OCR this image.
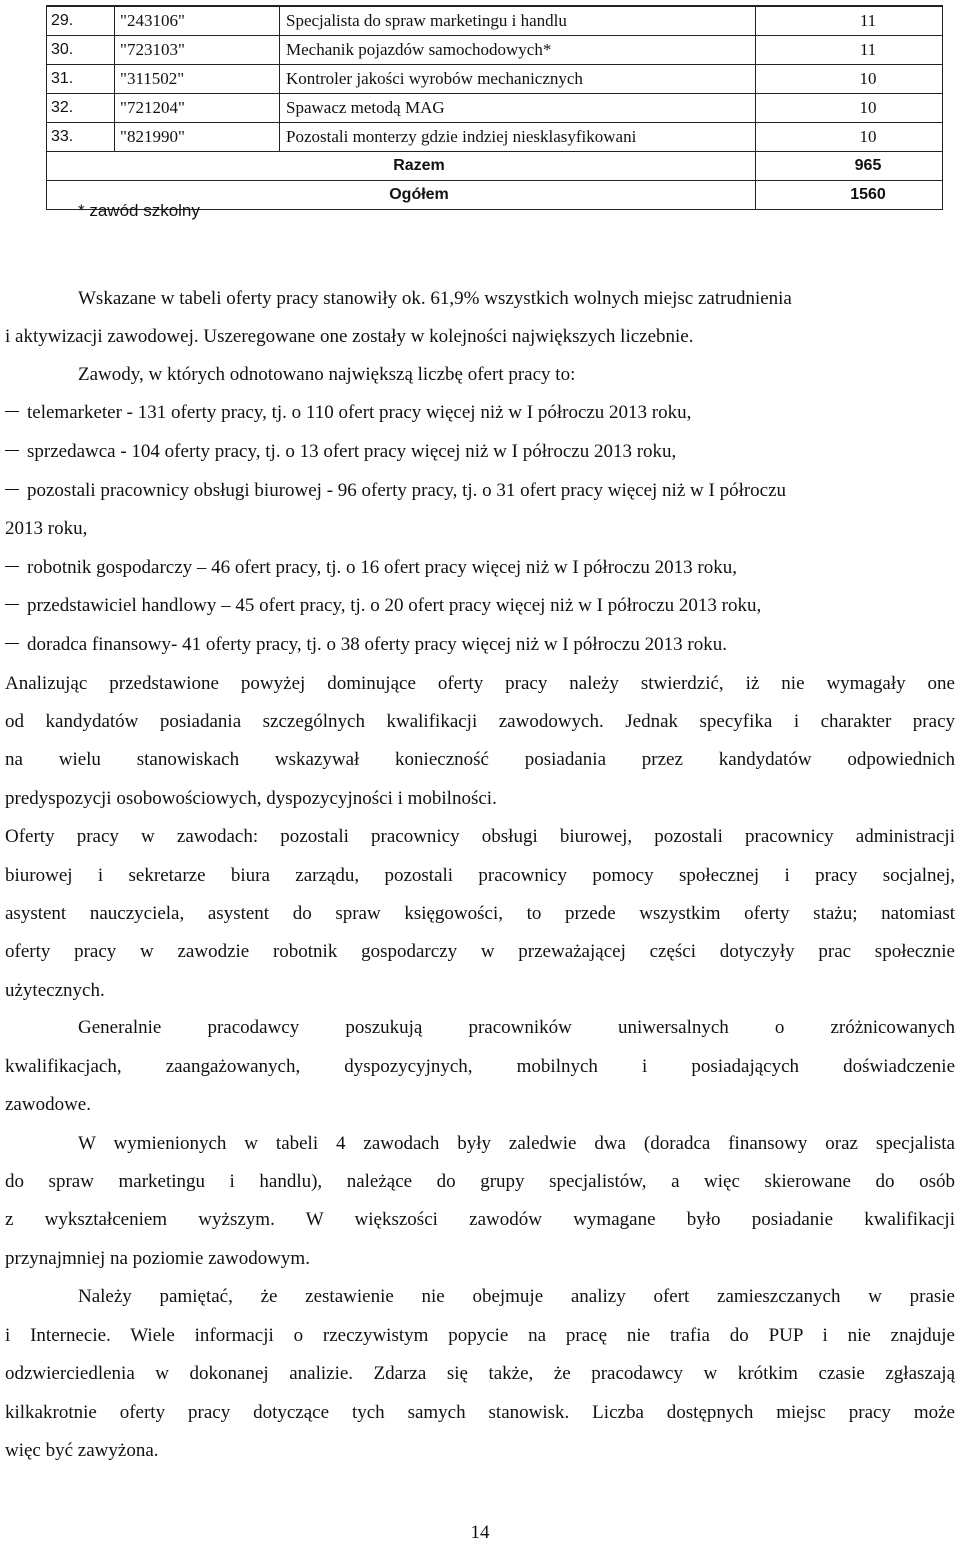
29.	"243106"	Specjalista do spraw marketingu i handlu	11
30.	"723103"	Mechanik pojazdów samochodowych*	11
31.	"311502"	Kontroler jakości wyrobów mechanicznych	10
32.	"721204"	Spawacz metodą MAG	10
33.	"821990"	Pozostali monterzy gdzie indziej niesklasyfikowani	10
Razem	965
Ogółem	1560
* zawód szkolny
Wskazane w tabeli oferty pracy stanowiły ok. 61,9% wszystkich wolnych miejsc zatrudnienia
i aktywizacji zawodowej. Uszeregowane one zostały w kolejności największych liczebnie.
Zawody, w których odnotowano największą liczbę ofert pracy to:
telemarketer - 131 oferty pracy, tj. o 110 ofert pracy więcej niż w I półroczu 2013 roku,
sprzedawca - 104 oferty pracy, tj. o 13 ofert pracy więcej niż w I półroczu 2013 roku,
pozostali pracownicy obsługi biurowej - 96 oferty pracy, tj. o 31 ofert pracy więcej niż w I półroczu
2013 roku,
robotnik gospodarczy – 46 ofert pracy, tj. o 16 ofert pracy więcej niż w I półroczu 2013 roku,
przedstawiciel handlowy – 45 ofert pracy, tj. o 20 ofert pracy więcej niż w I półroczu 2013 roku,
doradca finansowy- 41 oferty pracy, tj. o 38 oferty pracy więcej niż w I półroczu 2013 roku.
Analizując przedstawione powyżej dominujące oferty pracy należy stwierdzić, iż nie wymagały one
od kandydatów posiadania szczególnych kwalifikacji zawodowych. Jednak specyfika i charakter pracy
na wielu stanowiskach wskazywał konieczność posiadania przez kandydatów odpowiednich
predyspozycji osobowościowych, dyspozycyjności i mobilności.
Oferty pracy w zawodach: pozostali pracownicy obsługi biurowej, pozostali pracownicy administracji
biurowej i sekretarze biura zarządu, pozostali pracownicy pomocy społecznej i pracy socjalnej,
asystent nauczyciela, asystent do spraw księgowości, to przede wszystkim oferty stażu; natomiast
oferty pracy w zawodzie robotnik gospodarczy w przeważającej części dotyczyły prac społecznie
użytecznych.
Generalnie pracodawcy poszukują pracowników uniwersalnych o zróżnicowanych
kwalifikacjach, zaangażowanych, dyspozycyjnych, mobilnych i posiadających doświadczenie
zawodowe.
W wymienionych w tabeli 4 zawodach były zaledwie dwa (doradca finansowy oraz specjalista
do spraw marketingu i handlu), należące do grupy specjalistów, a więc skierowane do osób
z wykształceniem wyższym. W większości zawodów wymagane było posiadanie kwalifikacji
przynajmniej na poziomie zawodowym.
Należy pamiętać, że zestawienie nie obejmuje analizy ofert zamieszczanych w prasie
i Internecie. Wiele informacji o rzeczywistym popycie na pracę nie trafia do PUP i nie znajduje
odzwierciedlenia w dokonanej analizie. Zdarza się także, że pracodawcy w krótkim czasie zgłaszają
kilkakrotnie oferty pracy dotyczące tych samych stanowisk. Liczba dostępnych miejsc pracy może
więc być zawyżona.
14
